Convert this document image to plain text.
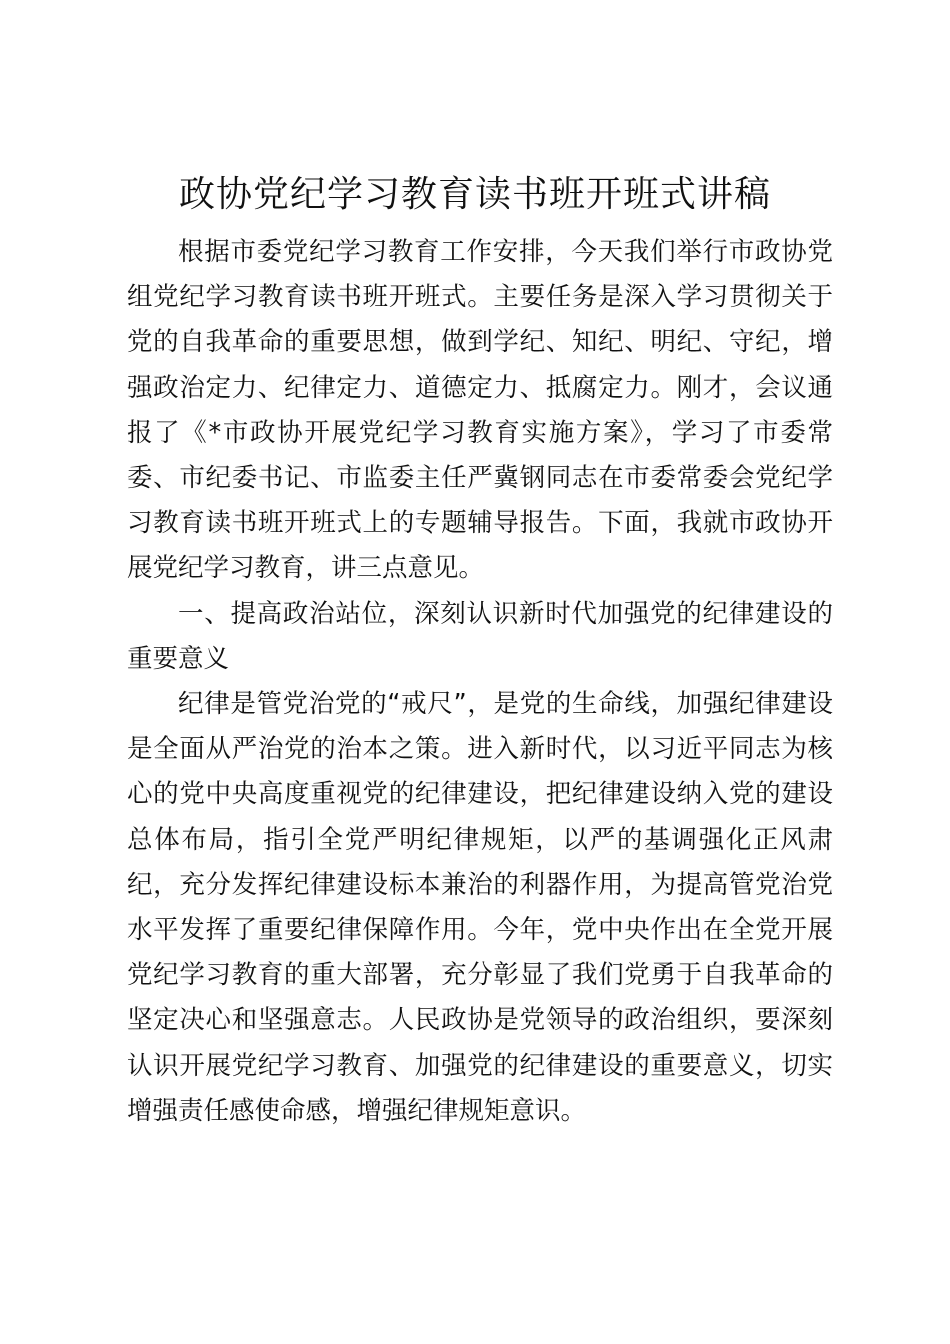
政协党纪学习教育读书班开班式讲稿

根据市委党纪学习教育工作安排，今天我们举行市政协党组党纪学习教育读书班开班式。主要任务是深入学习贯彻关于党的自我革命的重要思想，做到学纪、知纪、明纪、守纪，增强政治定力、纪律定力、道德定力、抵腐定力。刚才，会议通报了《*市政协开展党纪学习教育实施方案》，学习了市委常委、市纪委书记、市监委主任严冀钢同志在市委常委会党纪学习教育读书班开班式上的专题辅导报告。下面，我就市政协开展党纪学习教育，讲三点意见。

一、提高政治站位，深刻认识新时代加强党的纪律建设的重要意义

纪律是管党治党的“戒尺”，是党的生命线，加强纪律建设是全面从严治党的治本之策。进入新时代，以习近平同志为核心的党中央高度重视党的纪律建设，把纪律建设纳入党的建设总体布局，指引全党严明纪律规矩，以严的基调强化正风肃纪，充分发挥纪律建设标本兼治的利器作用，为提高管党治党水平发挥了重要纪律保障作用。今年，党中央作出在全党开展党纪学习教育的重大部署，充分彰显了我们党勇于自我革命的坚定决心和坚强意志。人民政协是党领导的政治组织，要深刻认识开展党纪学习教育、加强党的纪律建设的重要意义，切实增强责任感使命感，增强纪律规矩意识。
